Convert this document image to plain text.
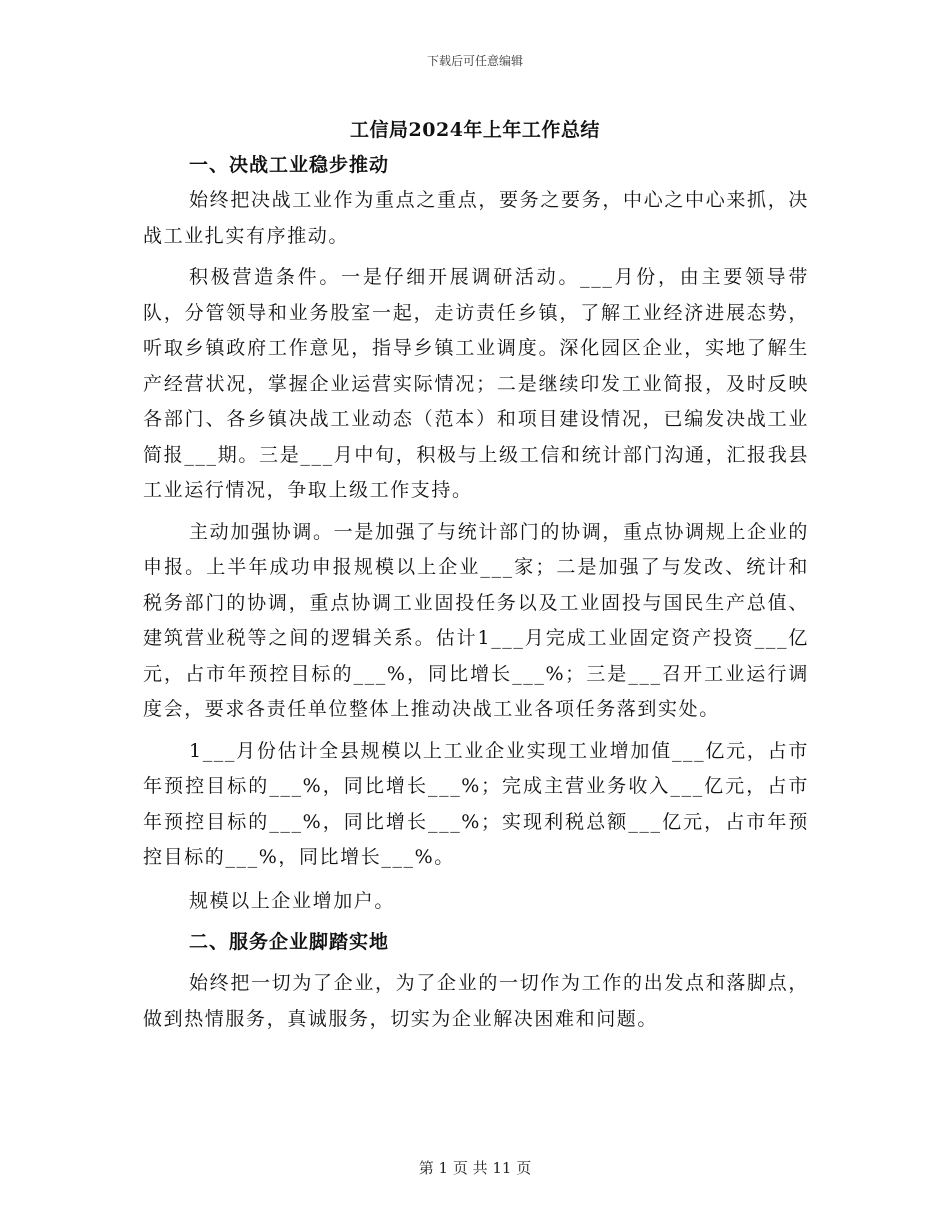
下载后可任意编辑
工信局2024年上年工作总结
一、决战工业稳步推动

始终把决战工业作为重点之重点，要务之要务，中心之中心来抓，决战工业扎实有序推动。

积极营造条件。一是仔细开展调研活动。___月份，由主要领导带队，分管领导和业务股室一起，走访责任乡镇，了解工业经济进展态势，听取乡镇政府工作意见，指导乡镇工业调度。深化园区企业，实地了解生产经营状况，掌握企业运营实际情况；二是继续印发工业简报，及时反映各部门、各乡镇决战工业动态（范本）和项目建设情况，已编发决战工业简报___期。三是___月中旬，积极与上级工信和统计部门沟通，汇报我县工业运行情况，争取上级工作支持。

主动加强协调。一是加强了与统计部门的协调，重点协调规上企业的申报。上半年成功申报规模以上企业___家；二是加强了与发改、统计和税务部门的协调，重点协调工业固投任务以及工业固投与国民生产总值、建筑营业税等之间的逻辑关系。估计1___月完成工业固定资产投资___亿元，占市年预控目标的___%，同比增长___%；三是___召开工业运行调度会，要求各责任单位整体上推动决战工业各项任务落到实处。

1___月份估计全县规模以上工业企业实现工业增加值___亿元，占市年预控目标的___%，同比增长___%；完成主营业务收入___亿元，占市年预控目标的___%，同比增长___%；实现利税总额___亿元，占市年预控目标的___%，同比增长___%。

规模以上企业增加户。

二、服务企业脚踏实地

始终把一切为了企业，为了企业的一切作为工作的出发点和落脚点，做到热情服务，真诚服务，切实为企业解决困难和问题。

第 1 页 共 11 页
